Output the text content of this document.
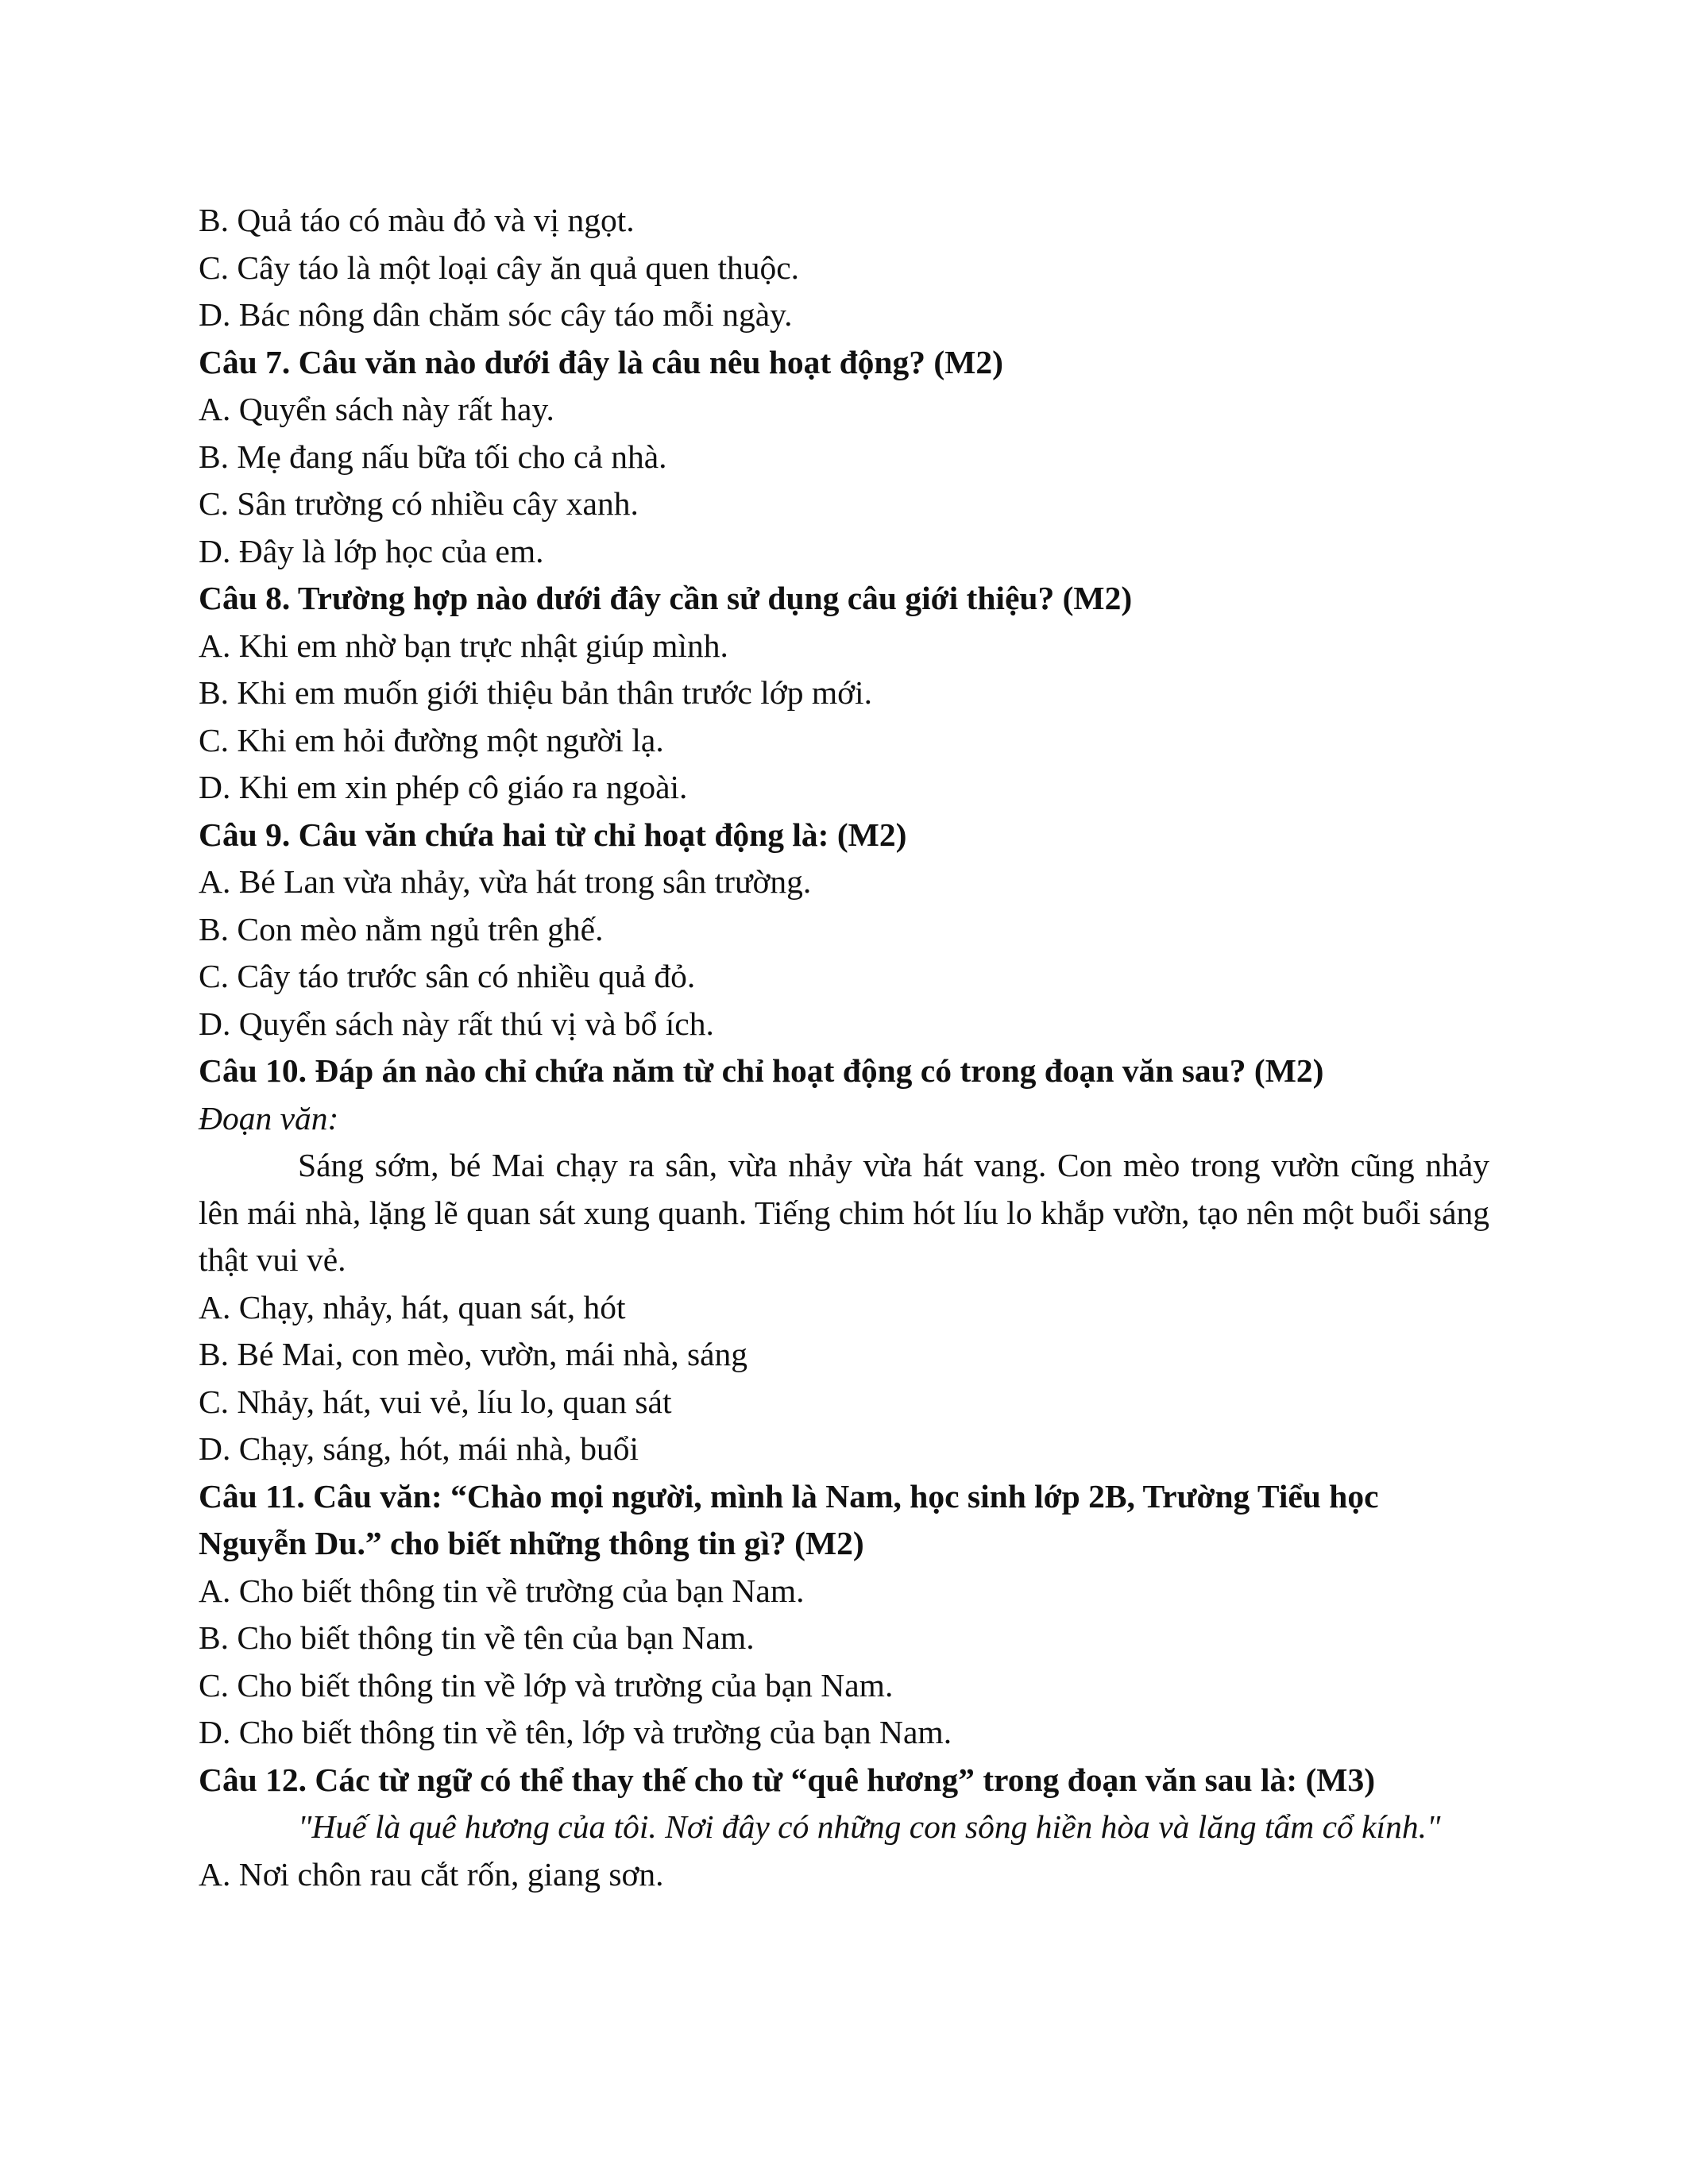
B. Quả táo có màu đỏ và vị ngọt.
C. Cây táo là một loại cây ăn quả quen thuộc.
D. Bác nông dân chăm sóc cây táo mỗi ngày.
Câu 7. Câu văn nào dưới đây là câu nêu hoạt động? (M2)
A. Quyển sách này rất hay.
B. Mẹ đang nấu bữa tối cho cả nhà.
C. Sân trường có nhiều cây xanh.
D. Đây là lớp học của em.
Câu 8. Trường hợp nào dưới đây cần sử dụng câu giới thiệu? (M2)
A. Khi em nhờ bạn trực nhật giúp mình.
B. Khi em muốn giới thiệu bản thân trước lớp mới.
C. Khi em hỏi đường một người lạ.
D. Khi em xin phép cô giáo ra ngoài.
Câu 9. Câu văn chứa hai từ chỉ hoạt động là: (M2)
A. Bé Lan vừa nhảy, vừa hát trong sân trường.
B. Con mèo nằm ngủ trên ghế.
C. Cây táo trước sân có nhiều quả đỏ.
D. Quyển sách này rất thú vị và bổ ích.
Câu 10. Đáp án nào chỉ chứa năm từ chỉ hoạt động có trong đoạn văn sau? (M2)
Đoạn văn:
Sáng sớm, bé Mai chạy ra sân, vừa nhảy vừa hát vang. Con mèo trong vườn cũng nhảy lên mái nhà, lặng lẽ quan sát xung quanh. Tiếng chim hót líu lo khắp vườn, tạo nên một buổi sáng thật vui vẻ.
A. Chạy, nhảy, hát, quan sát, hót
B. Bé Mai, con mèo, vườn, mái nhà, sáng
C. Nhảy, hát, vui vẻ, líu lo, quan sát
D. Chạy, sáng, hót, mái nhà, buổi
Câu 11. Câu văn: “Chào mọi người, mình là Nam, học sinh lớp 2B, Trường Tiểu học
Nguyễn Du.” cho biết những thông tin gì? (M2)
A. Cho biết thông tin về trường của bạn Nam.
B. Cho biết thông tin về tên của bạn Nam.
C. Cho biết thông tin về lớp và trường của bạn Nam.
D. Cho biết thông tin về tên, lớp và trường của bạn Nam.
Câu 12. Các từ ngữ có thể thay thế cho từ “quê hương” trong đoạn văn sau là: (M3)
"Huế là quê hương của tôi. Nơi đây có những con sông hiền hòa và lăng tẩm cổ kính."
A. Nơi chôn rau cắt rốn, giang sơn.
